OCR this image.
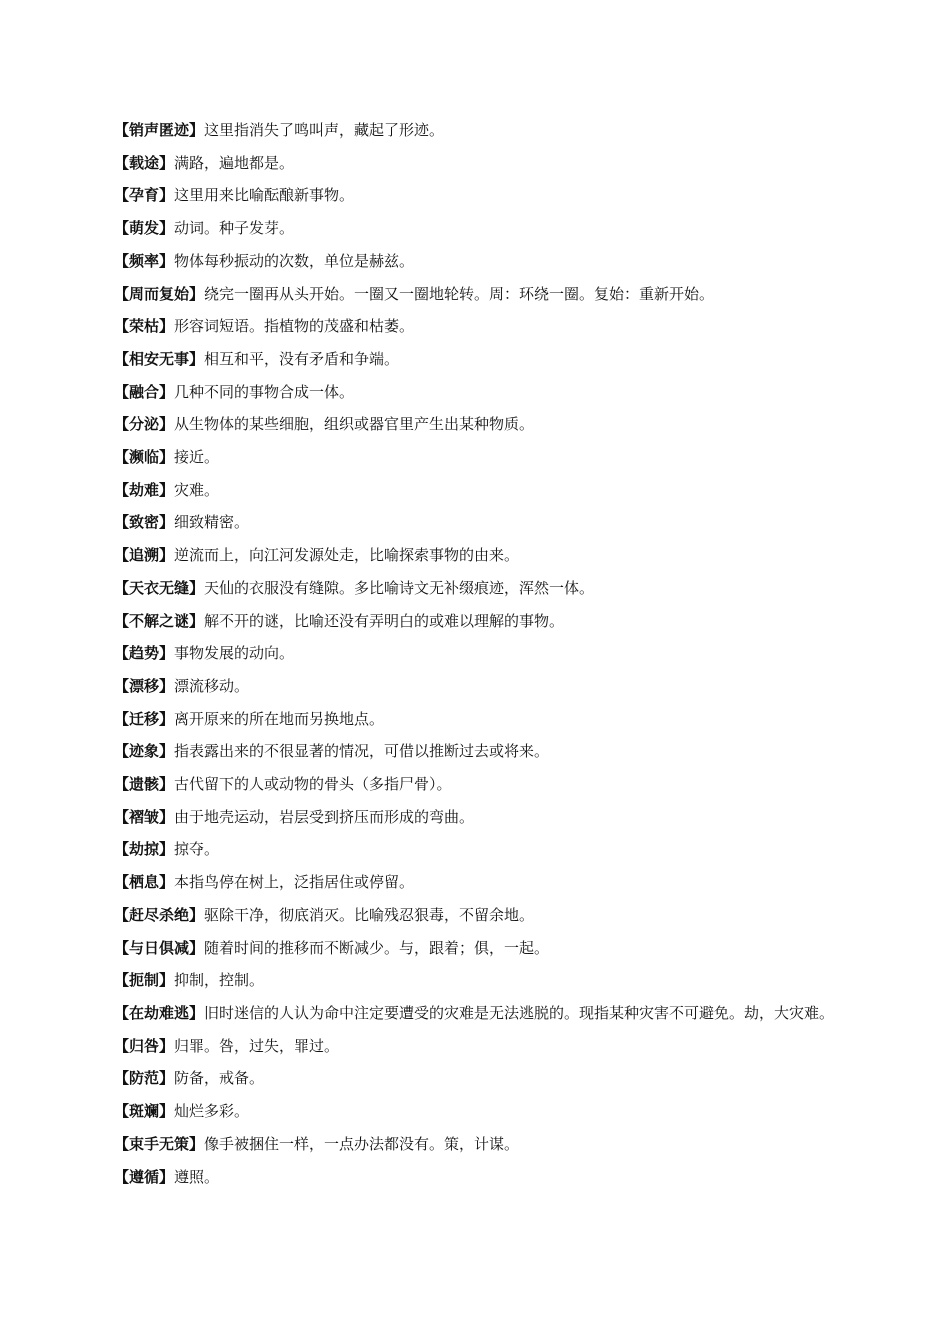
【销声匿迹】这里指消失了鸣叫声，藏起了形迹。

【载途】满路，遍地都是。

【孕育】这里用来比喻酝酿新事物。

【萌发】动词。种子发芽。

【频率】物体每秒振动的次数，单位是赫兹。

【周而复始】绕完一圈再从头开始。一圈又一圈地轮转。周：环绕一圈。复始：重新开始。

【荣枯】形容词短语。指植物的茂盛和枯萎。

【相安无事】相互和平，没有矛盾和争端。

【融合】几种不同的事物合成一体。

【分泌】从生物体的某些细胞，组织或器官里产生出某种物质。

【濒临】接近。

【劫难】灾难。

【致密】细致精密。

【追溯】逆流而上，向江河发源处走，比喻探索事物的由来。

【天衣无缝】天仙的衣服没有缝隙。多比喻诗文无补缀痕迹，浑然一体。

【不解之谜】解不开的谜，比喻还没有弄明白的或难以理解的事物。

【趋势】事物发展的动向。

【漂移】漂流移动。

【迁移】离开原来的所在地而另换地点。

【迹象】指表露出来的不很显著的情况，可借以推断过去或将来。

【遗骸】古代留下的人或动物的骨头（多指尸骨）。

【褶皱】由于地壳运动，岩层受到挤压而形成的弯曲。

【劫掠】掠夺。

【栖息】本指鸟停在树上，泛指居住或停留。

【赶尽杀绝】驱除干净，彻底消灭。比喻残忍狠毒，不留余地。

【与日俱减】随着时间的推移而不断减少。与，跟着；俱，一起。

【扼制】抑制，控制。

【在劫难逃】旧时迷信的人认为命中注定要遭受的灾难是无法逃脱的。现指某种灾害不可避免。劫，大灾难。

【归咎】归罪。咎，过失，罪过。

【防范】防备，戒备。

【斑斓】灿烂多彩。

【束手无策】像手被捆住一样，一点办法都没有。策，计谋。

【遵循】遵照。
